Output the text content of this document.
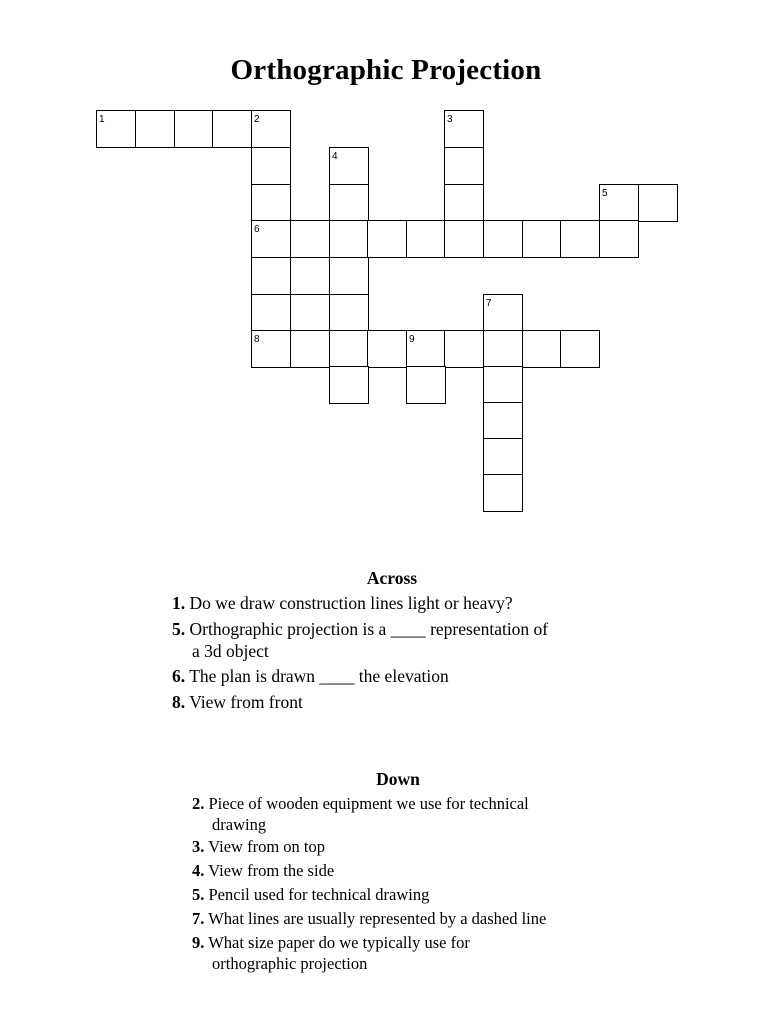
Orthographic Projection
1	2	3
4
5
6
7
8	9
Across
1. Do we draw construction lines light or heavy?
5. Orthographic projection is a ____ representation of
a 3d object
6. The plan is drawn ____ the elevation
8. View from front
Down
2. Piece of wooden equipment we use for technical
drawing
3. View from on top
4. View from the side
5. Pencil used for technical drawing
7. What lines are usually represented by a dashed line
9. What size paper do we typically use for
orthographic projection
